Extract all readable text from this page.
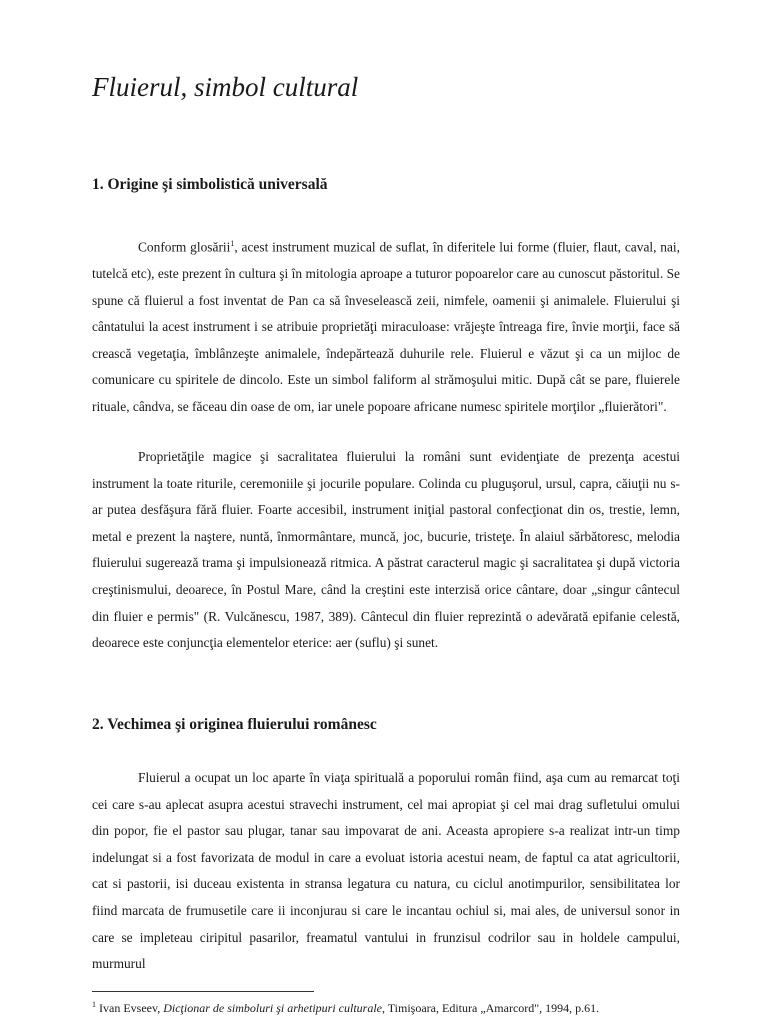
Fluierul, simbol cultural
1. Origine şi simbolistică universală

Conform glosării$^1$, acest instrument muzical de suflat, în diferitele lui forme (fluier, flaut, caval, nai, tutelcă etc), este prezent în cultura şi în mitologia aproape a tuturor popoarelor care au cunoscut păstoritul. Se spune că fluierul a fost inventat de Pan ca să înveselească zeii, nimfele, oamenii şi animalele. Fluierului şi cântatului la acest instrument i se atribuie proprietăţi miraculoase: vrăjeşte întreaga fire, învie morţii, face să crească vegetaţia, îmblânzeşte animalele, îndepărtează duhurile rele. Fluierul e văzut şi ca un mijloc de comunicare cu spiritele de dincolo. Este un simbol faliform al strămoşului mitic. După cât se pare, fluierele rituale, cândva, se făceau din oase de om, iar unele popoare africane numesc spiritele morţilor „fluierători".

Proprietăţile magice şi sacralitatea fluierului la români sunt evidenţiate de prezenţa acestui instrument la toate riturile, ceremoniile şi jocurile populare. Colinda cu pluguşorul, ursul, capra, căiuţii nu s-ar putea desfăşura fără fluier. Foarte accesibil, instrument iniţial pastoral confecţionat din os, trestie, lemn, metal e prezent la naştere, nuntă, înmormântare, muncă, joc, bucurie, tristeţe. În alaiul sărbătoresc, melodia fluierului sugerează trama şi impulsionează ritmica. A păstrat caracterul magic şi sacralitatea şi după victoria creştinismului, deoarece, în Postul Mare, când la creştini este interzisă orice cântare, doar „singur cântecul din fluier e permis" (R. Vulcănescu, 1987, 389). Cântecul din fluier reprezintă o adevărată epifanie celestă, deoarece este conjuncţia elementelor eterice: aer (suflu) şi sunet.

2. Vechimea şi originea fluierului românesc

Fluierul a ocupat un loc aparte în viaţa spirituală a poporului român fiind, aşa cum au remarcat toţi cei care s-au aplecat asupra acestui stravechi instrument, cel mai apropiat şi cel mai drag sufletului omului din popor, fie el pastor sau plugar, tanar sau impovarat de ani. Aceasta apropiere s-a realizat intr-un timp indelungat si a fost favorizata de modul in care a evoluat istoria acestui neam, de faptul ca atat agricultorii, cat si pastorii, isi duceau existenta in stransa legatura cu natura, cu ciclul anotimpurilor, sensibilitatea lor fiind marcata de frumusetile care ii inconjurau si care le incantau ochiul si, mai ales, de universul sonor in care se impleteau ciripitul pasarilor, freamatul vantului in frunzisul codrilor sau in holdele campului, murmurul

$^1$ Ivan Evseev, Dicţionar de simboluri şi arhetipuri culturale, Timişoara, Editura „Amarcord", 1994, p.61.
